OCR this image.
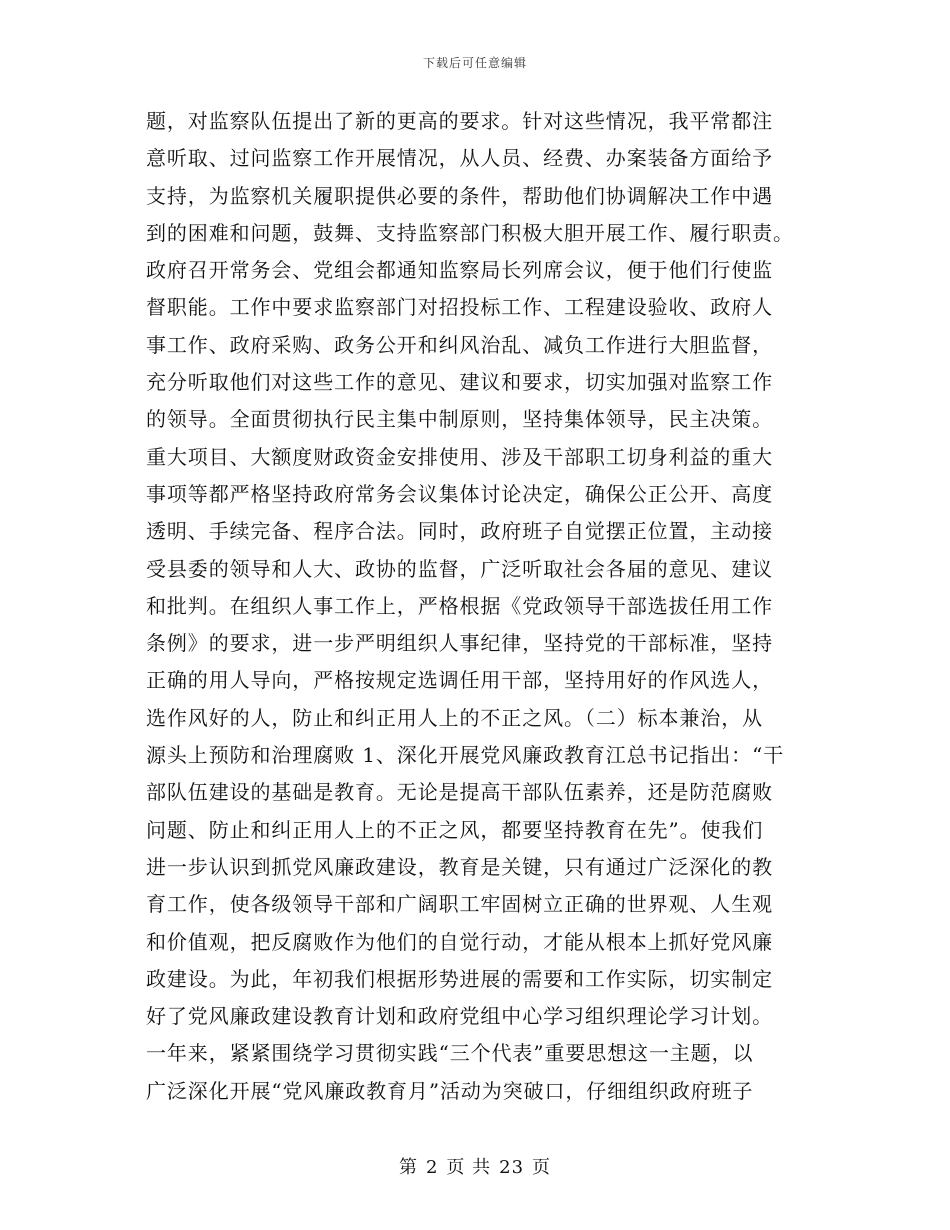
下载后可任意编辑
题，对监察队伍提出了新的更高的要求。针对这些情况，我平常都注
意听取、过问监察工作开展情况，从人员、经费、办案装备方面给予
支持，为监察机关履职提供必要的条件，帮助他们协调解决工作中遇
到的困难和问题，鼓舞、支持监察部门积极大胆开展工作、履行职责。
政府召开常务会、党组会都通知监察局长列席会议，便于他们行使监
督职能。工作中要求监察部门对招投标工作、工程建设验收、政府人
事工作、政府采购、政务公开和纠风治乱、减负工作进行大胆监督，
充分听取他们对这些工作的意见、建议和要求，切实加强对监察工作
的领导。全面贯彻执行民主集中制原则，坚持集体领导，民主决策。
重大项目、大额度财政资金安排使用、涉及干部职工切身利益的重大
事项等都严格坚持政府常务会议集体讨论决定，确保公正公开、高度
透明、手续完备、程序合法。同时，政府班子自觉摆正位置，主动接
受县委的领导和人大、政协的监督，广泛听取社会各届的意见、建议
和批判。在组织人事工作上，严格根据《党政领导干部选拔任用工作
条例》的要求，进一步严明组织人事纪律，坚持党的干部标准，坚持
正确的用人导向，严格按规定选调任用干部，坚持用好的作风选人，
选作风好的人，防止和纠正用人上的不正之风。（二）标本兼治，从
源头上预防和治理腐败 1、深化开展党风廉政教育江总书记指出：“干
部队伍建设的基础是教育。无论是提高干部队伍素养，还是防范腐败
问题、防止和纠正用人上的不正之风，都要坚持教育在先”。使我们
进一步认识到抓党风廉政建设，教育是关键，只有通过广泛深化的教
育工作，使各级领导干部和广阔职工牢固树立正确的世界观、人生观
和价值观，把反腐败作为他们的自觉行动，才能从根本上抓好党风廉
政建设。为此，年初我们根据形势进展的需要和工作实际，切实制定
好了党风廉政建设教育计划和政府党组中心学习组织理论学习计划。
一年来，紧紧围绕学习贯彻实践“三个代表”重要思想这一主题，以
广泛深化开展“党风廉政教育月”活动为突破口，仔细组织政府班子
第 2 页 共 23 页
